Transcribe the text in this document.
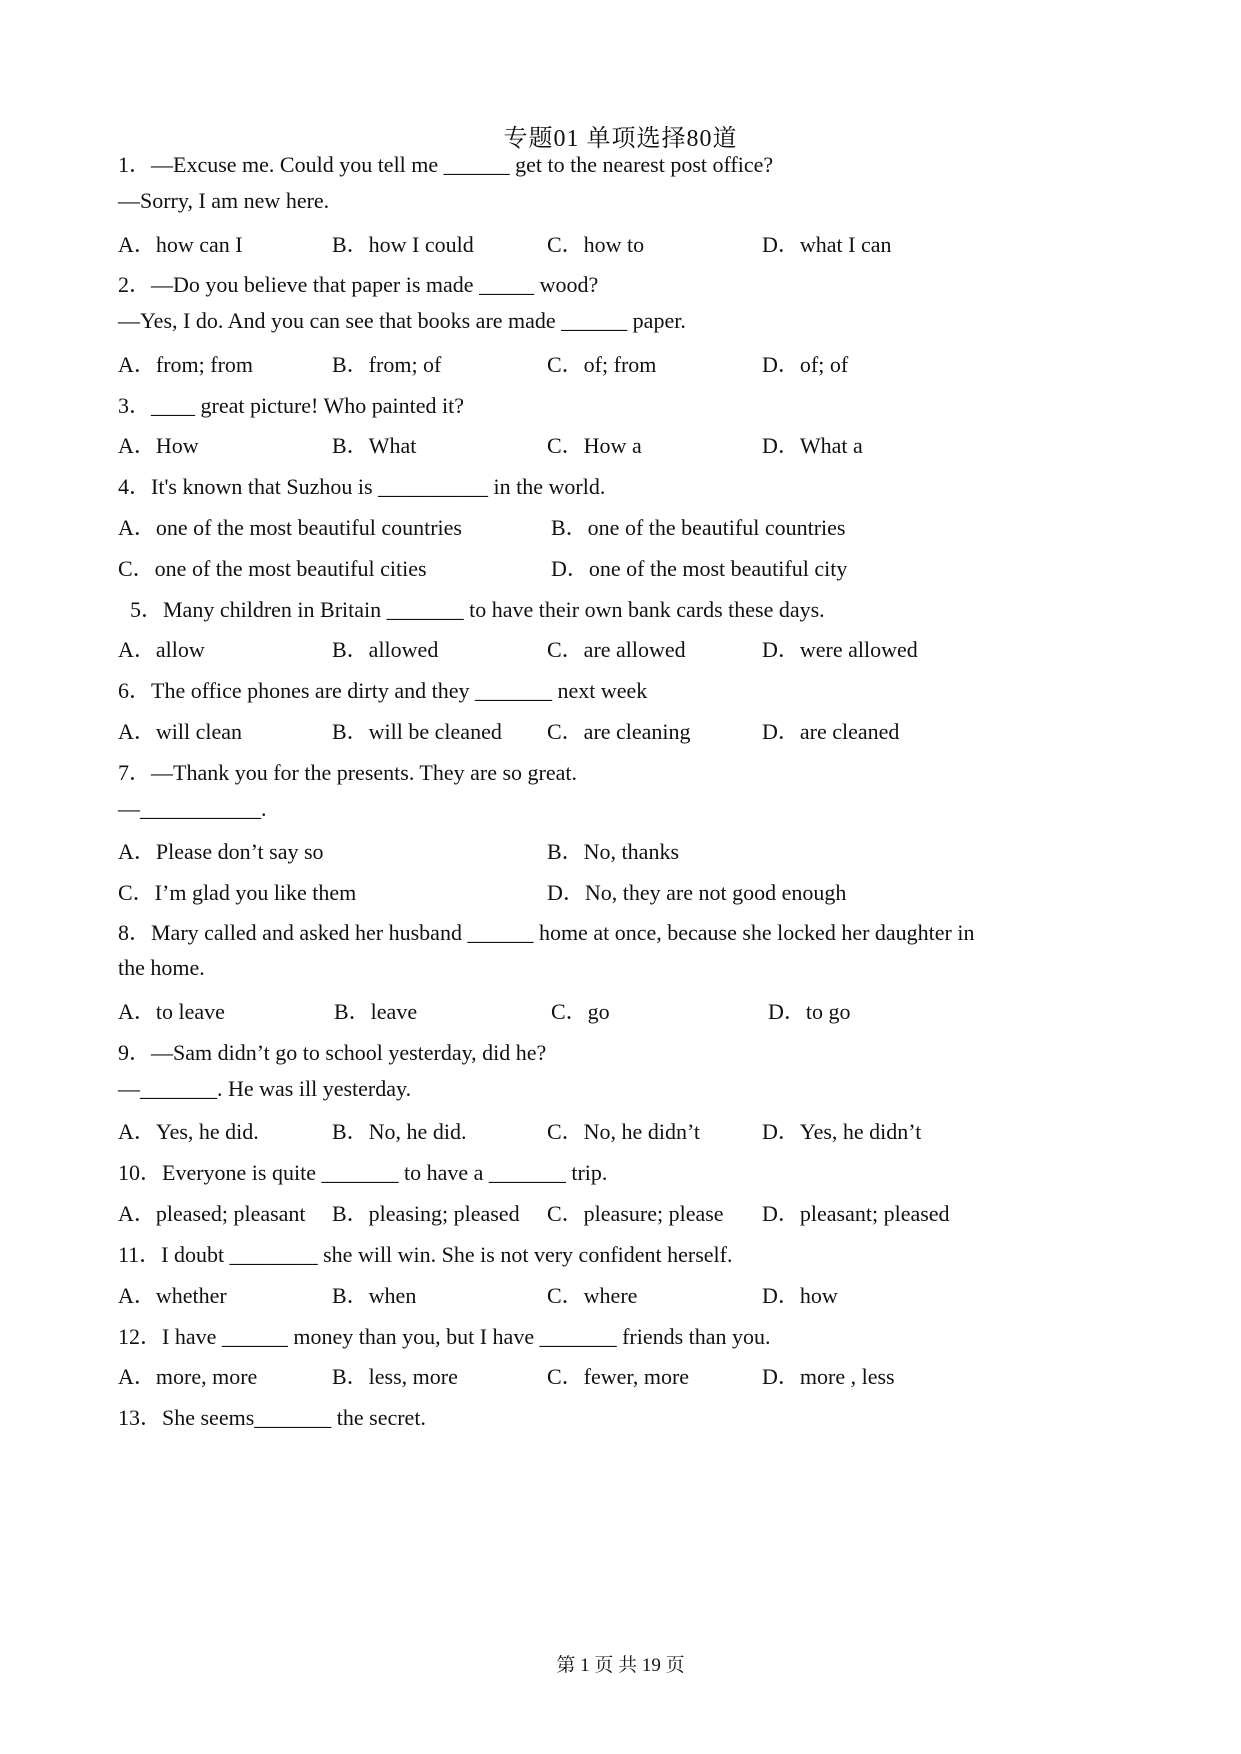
专题01 单项选择80道
1．—Excuse me. Could you tell me ______ get to the nearest post office?
—Sorry, I am new here.
A．how can I	B．how I could	C．how to	D．what I can
2．—Do you believe that paper is made _____ wood?
—Yes, I do. And you can see that books are made ______ paper.
A．from; from	B．from; of	C．of; from	D．of; of
3．____ great picture! Who painted it?
A．How	B．What	C．How a	D．What a
4．It's known that Suzhou is __________ in the world.
A．one of the most beautiful countries	B．one of the beautiful countries
C．one of the most beautiful cities	D．one of the most beautiful city
5．Many children in Britain _______ to have their own bank cards these days.
A．allow	B．allowed	C．are allowed	D．were allowed
6．The office phones are dirty and they _______ next week
A．will clean	B．will be cleaned C．are cleaning	D．are cleaned
7．—Thank you for the presents. They are so great.
—___________.
A．Please don’t say so	B．No, thanks
C．I’m glad you like them	D．No, they are not good enough
8．Mary called and asked her husband ______ home at once, because she locked her daughter in
the home.
A．to leave	B．leave	C．go	D．to go
9．—Sam didn’t go to school yesterday, did he?
—_______. He was ill yesterday.
A．Yes, he did.	B．No, he did.	C．No, he didn’t	D．Yes, he didn’t
10．Everyone is quite _______ to have a _______ trip.
A．pleased; pleasant B．pleasing; pleased C．pleasure; please D．pleasant; pleased
11．I doubt ________ she will win. She is not very confident herself.
A．whether	B．when	C．where	D．how
12．I have ______ money than you, but I have _______ friends than you.
A．more, more	B．less, more	C．fewer, more	D．more , less
13．She seems_______ the secret.
第 1 页 共 19 页
